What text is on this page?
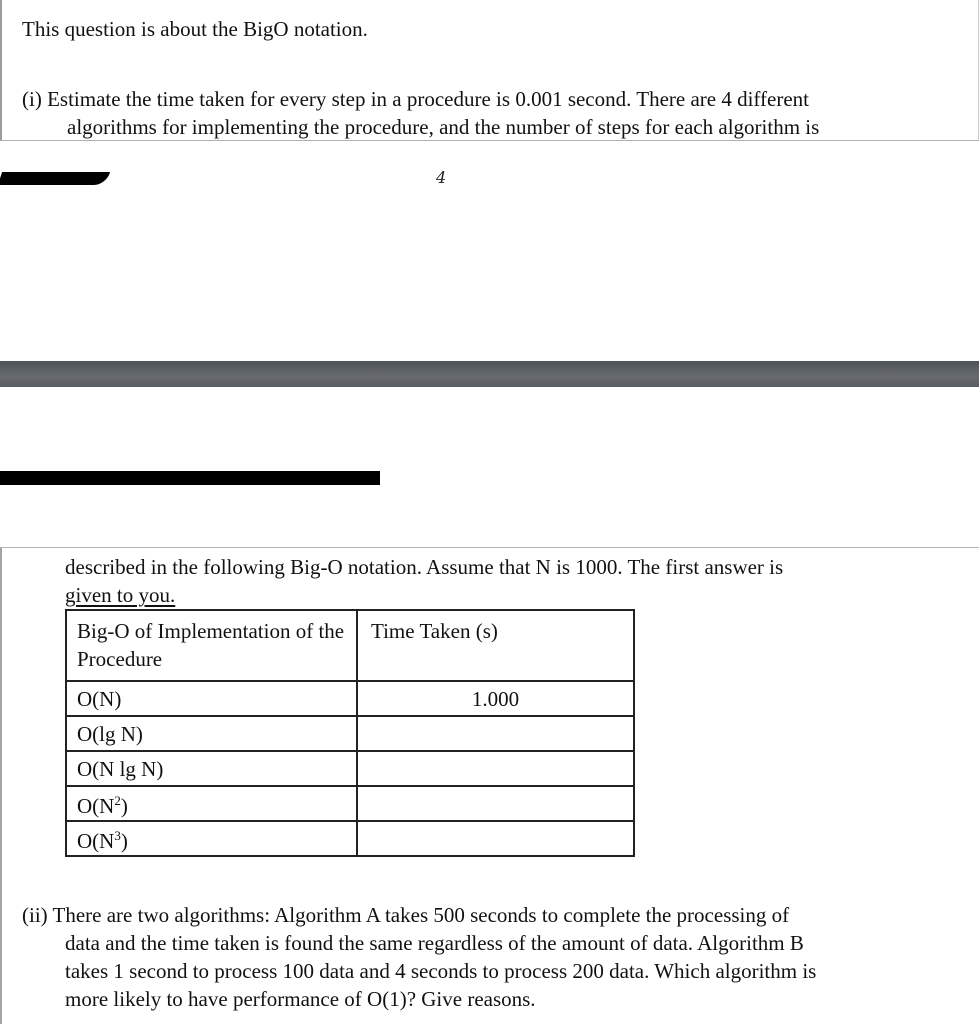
This question is about the BigO notation.
(i) Estimate the time taken for every step in a procedure is 0.001 second. There are 4 different
algorithms for implementing the procedure, and the number of steps for each algorithm is
4
described in the following Big-O notation. Assume that N is 1000. The first answer is
given to you.
Big-O of Implementation of the Procedure	Time Taken (s)
O(N)	1.000
O(lg N)	
O(N lg N)	
$O(N^2)$	
$O(N^3)$	
(ii) There are two algorithms: Algorithm A takes 500 seconds to complete the processing of
data and the time taken is found the same regardless of the amount of data. Algorithm B
takes 1 second to process 100 data and 4 seconds to process 200 data. Which algorithm is
more likely to have performance of O(1)? Give reasons.
